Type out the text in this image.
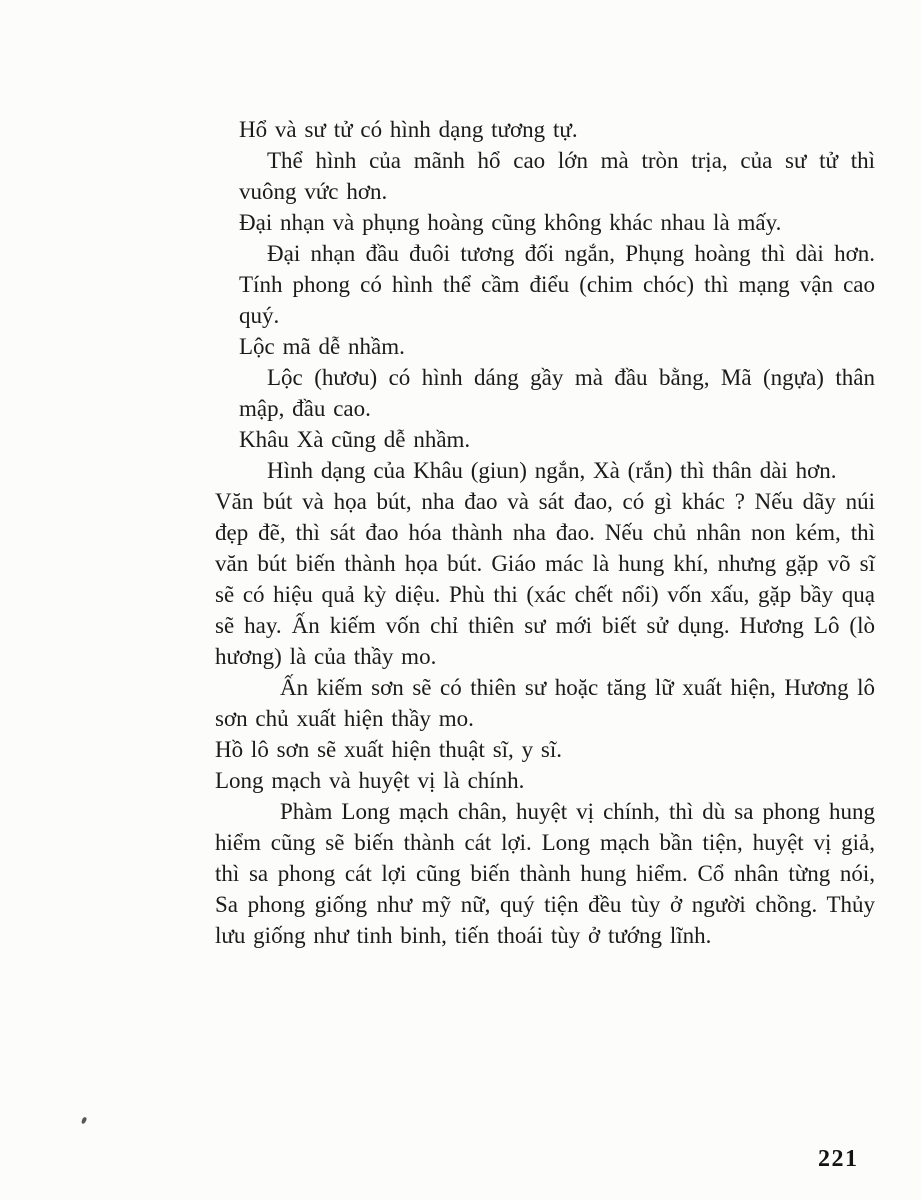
Hổ và sư tử có hình dạng tương tự.

Thể hình của mãnh hổ cao lớn mà tròn trịa, của sư tử thì vuông vức hơn.

Đại nhạn và phụng hoàng cũng không khác nhau là mấy.

Đại nhạn đầu đuôi tương đối ngắn, Phụng hoàng thì dài hơn. Tính phong có hình thể cầm điểu (chim chóc) thì mạng vận cao quý.

Lộc mã dễ nhầm.

Lộc (hươu) có hình dáng gầy mà đầu bằng, Mã (ngựa) thân mập, đầu cao.

Khâu Xà cũng dễ nhầm.

Hình dạng của Khâu (giun) ngắn, Xà (rắn) thì thân dài hơn.

Văn bút và họa bút, nha đao và sát đao, có gì khác ? Nếu dãy núi đẹp đẽ, thì sát đao hóa thành nha đao. Nếu chủ nhân non kém, thì văn bút biến thành họa bút. Giáo mác là hung khí, nhưng gặp võ sĩ sẽ có hiệu quả kỳ diệu. Phù thi (xác chết nổi) vốn xấu, gặp bầy quạ sẽ hay. Ấn kiếm vốn chỉ thiên sư mới biết sử dụng. Hương Lô (lò hương) là của thầy mo.

Ấn kiếm sơn sẽ có thiên sư hoặc tăng lữ xuất hiện, Hương lô sơn chủ xuất hiện thầy mo.

Hồ lô sơn sẽ xuất hiện thuật sĩ, y sĩ.

Long mạch và huyệt vị là chính.

Phàm Long mạch chân, huyệt vị chính, thì dù sa phong hung hiểm cũng sẽ biến thành cát lợi. Long mạch bần tiện, huyệt vị giả, thì sa phong cát lợi cũng biến thành hung hiểm. Cổ nhân từng nói, Sa phong giống như mỹ nữ, quý tiện đều tùy ở người chồng. Thủy lưu giống như tinh binh, tiến thoái tùy ở tướng lĩnh.

221
